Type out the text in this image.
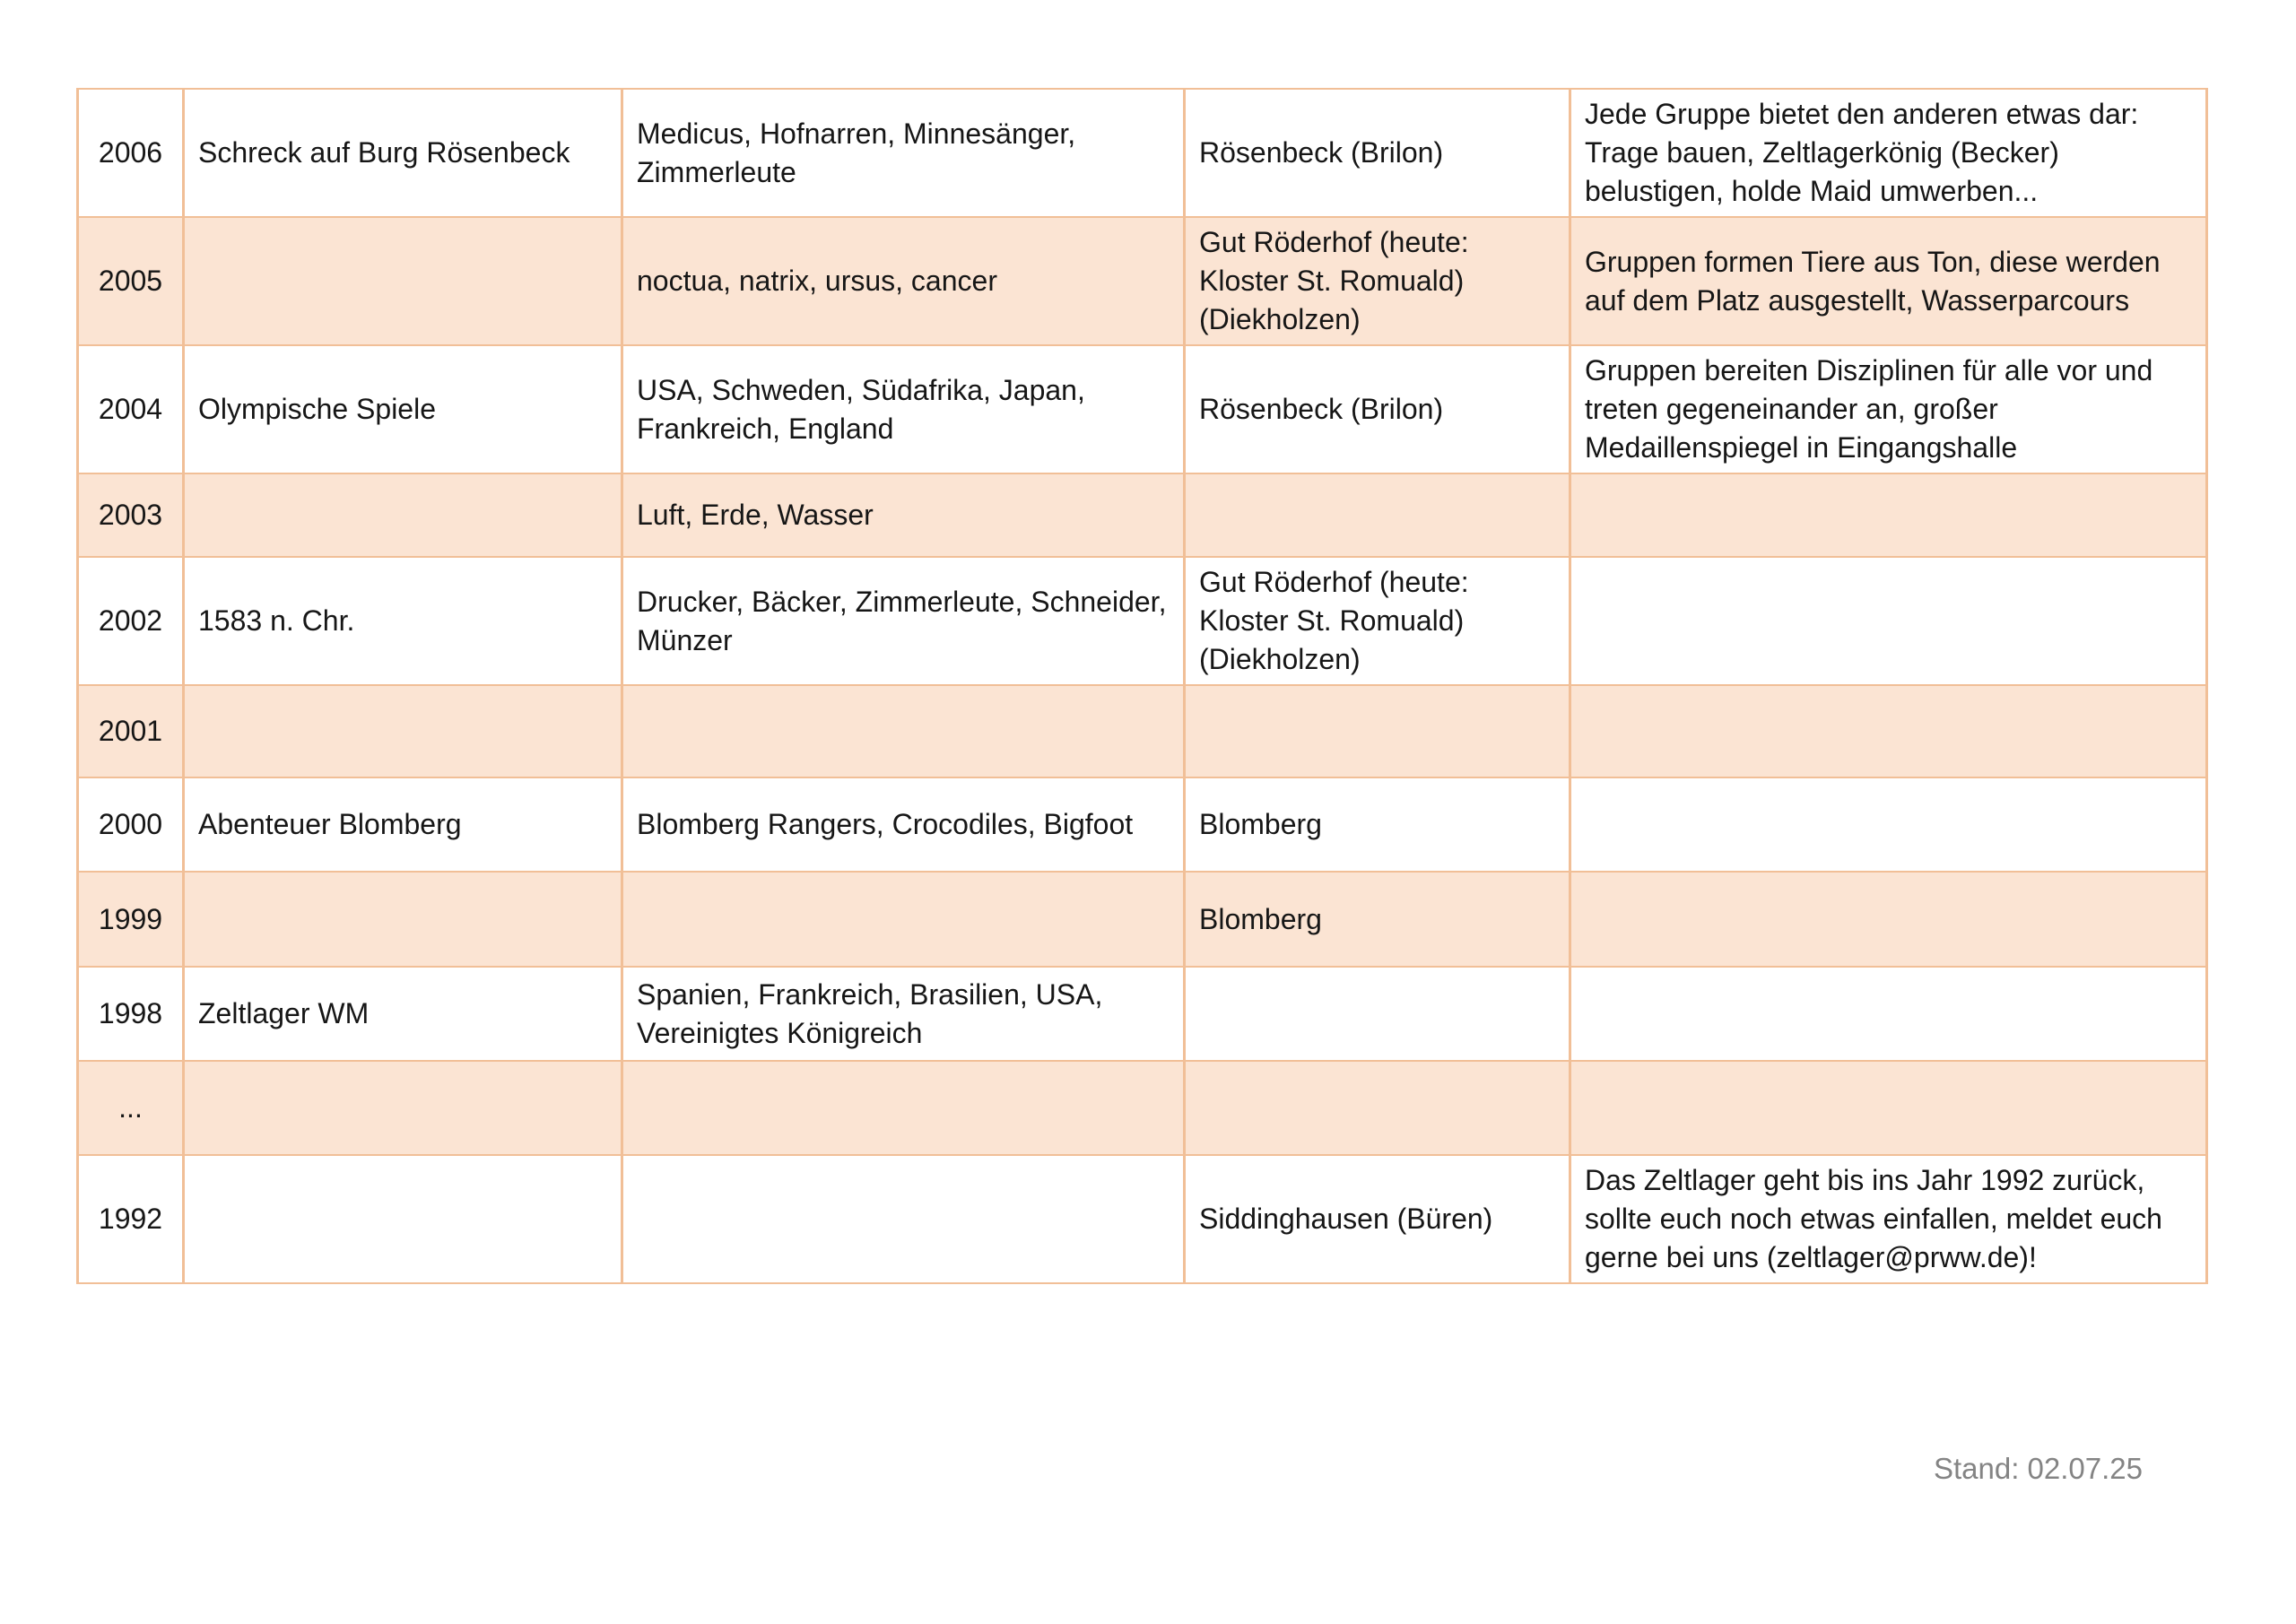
2006	Schreck auf Burg Rösenbeck	Medicus, Hofnarren, Minnesänger, Zimmerleute	Rösenbeck (Brilon)	Jede Gruppe bietet den anderen etwas dar: Trage bauen, Zeltlagerkönig (Becker) belustigen, holde Maid umwerben...
2005		noctua, natrix, ursus, cancer	Gut Röderhof (heute: Kloster St. Romuald) (Diekholzen)	Gruppen formen Tiere aus Ton, diese werden auf dem Platz ausgestellt, Wasserparcours
2004	Olympische Spiele	USA, Schweden, Südafrika, Japan, Frankreich, England	Rösenbeck (Brilon)	Gruppen bereiten Disziplinen für alle vor und treten gegeneinander an, großer Medaillenspiegel in Eingangshalle
2003		Luft, Erde, Wasser		
2002	1583 n. Chr.	Drucker, Bäcker, Zimmerleute, Schneider, Münzer	Gut Röderhof (heute: Kloster St. Romuald) (Diekholzen)	
2001				
2000	Abenteuer Blomberg	Blomberg Rangers, Crocodiles, Bigfoot	Blomberg	
1999			Blomberg	
1998	Zeltlager WM	Spanien, Frankreich, Brasilien, USA, Vereinigtes Königreich		
...				
1992			Siddinghausen (Büren)	Das Zeltlager geht bis ins Jahr 1992 zurück, sollte euch noch etwas einfallen, meldet euch gerne bei uns (zeltlager@prww.de)!
Stand: 02.07.25
